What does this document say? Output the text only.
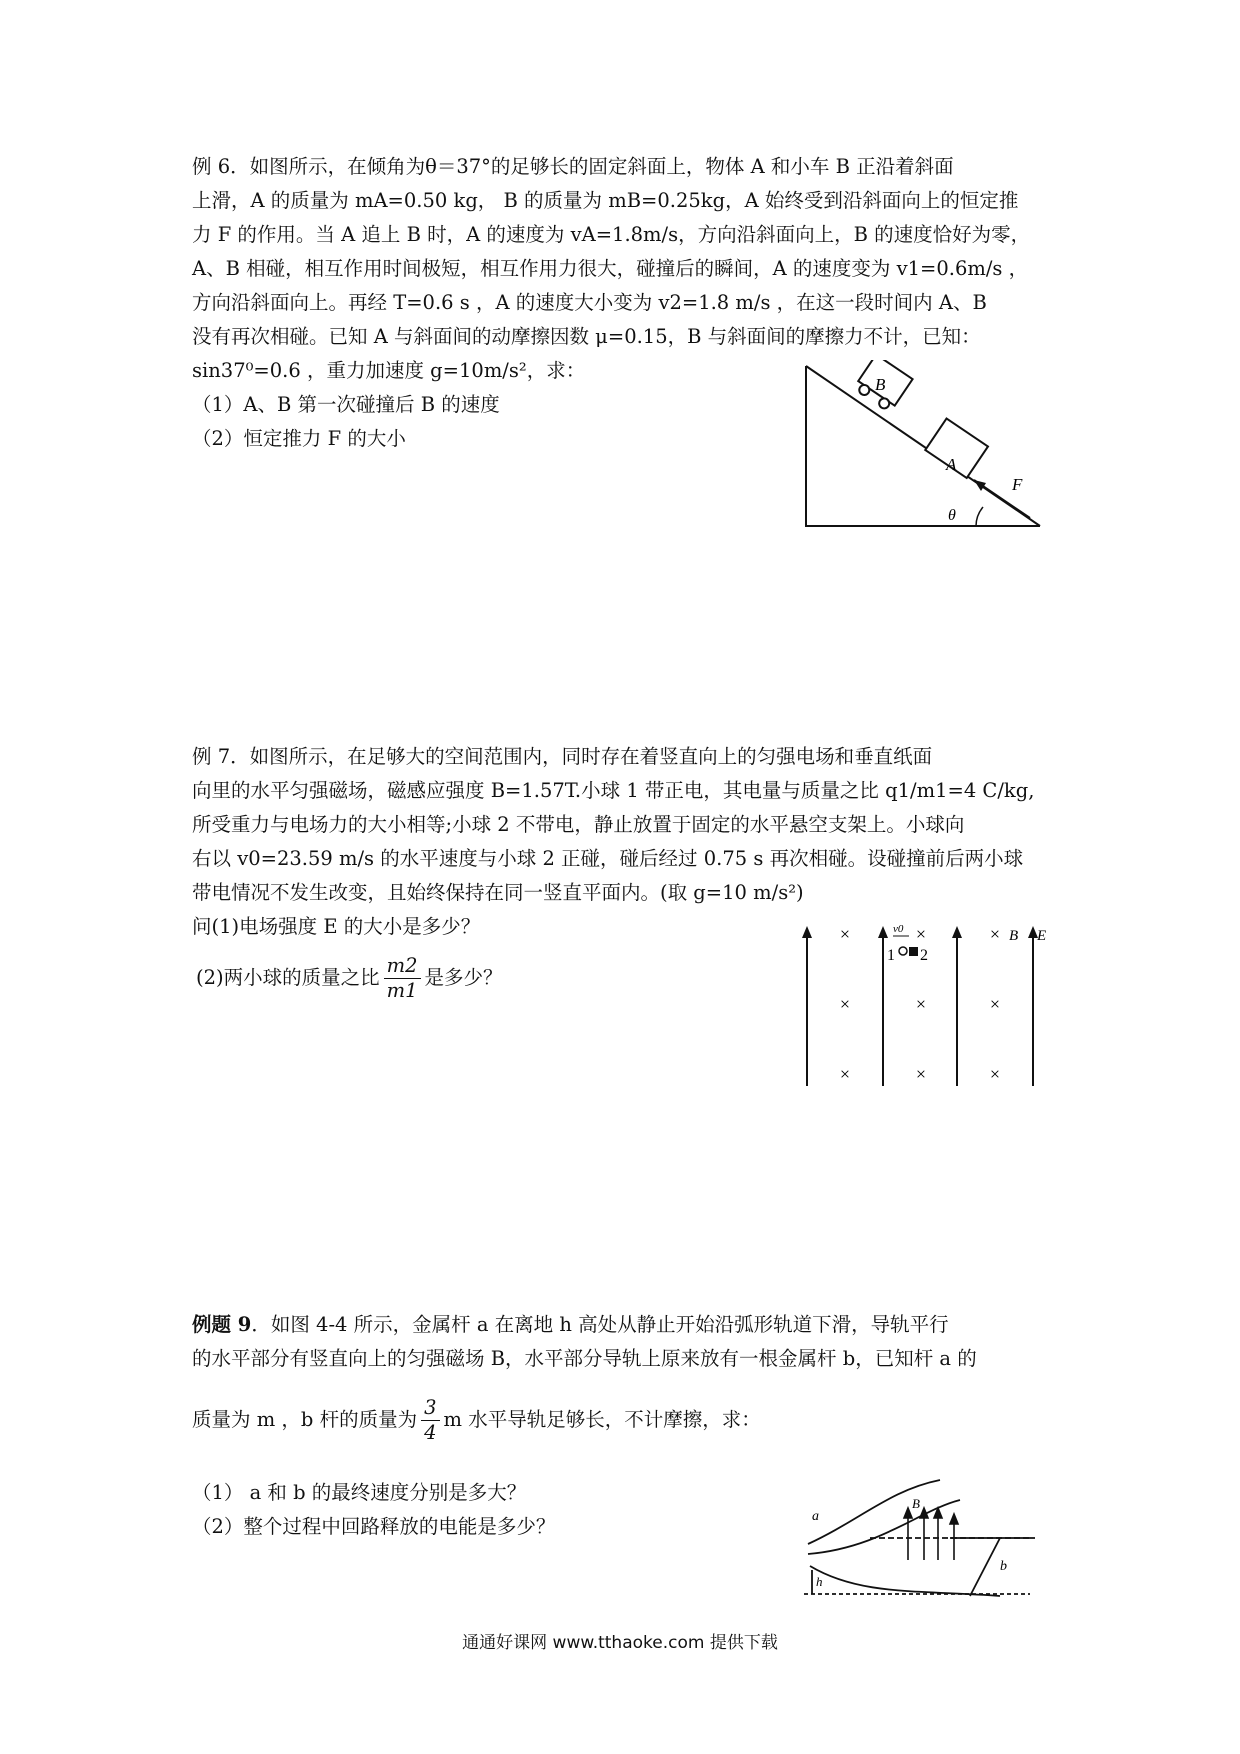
例 6．如图所示，在倾角为θ＝37°的足够长的固定斜面上，物体 A 和小车 B 正沿着斜面

上滑，A 的质量为 mA=0.50 kg， B 的质量为 mB=0.25kg，A 始终受到沿斜面向上的恒定推

力 F 的作用。当 A 追上 B 时，A 的速度为 vA=1.8m/s，方向沿斜面向上，B 的速度恰好为零，

A、B 相碰，相互作用时间极短，相互作用力很大，碰撞后的瞬间，A 的速度变为 v1=0.6m/s ，

方向沿斜面向上。再经 T=0.6 s ，A 的速度大小变为 v2=1.8 m/s ，在这一段时间内 A、B

没有再次相碰。已知 A 与斜面间的动摩擦因数 μ=0.15，B 与斜面间的摩擦力不计，已知：

sin37⁰=0.6 ，重力加速度 g=10m/s²，求：

（1）A、B 第一次碰撞后 B 的速度

（2）恒定推力 F 的大小

B
A
F
θ

例 7．如图所示，在足够大的空间范围内，同时存在着竖直向上的匀强电场和垂直纸面

向里的水平匀强磁场，磁感应强度 B=1.57T.小球 1 带正电，其电量与质量之比 q1/m1=4 C/kg,

所受重力与电场力的大小相等;小球 2 不带电，静止放置于固定的水平悬空支架上。小球向

右以 v0=23.59 m/s 的水平速度与小球 2 正碰，碰后经过 0.75 s 再次相碰。设碰撞前后两小球

带电情况不发生改变，且始终保持在同一竖直平面内。(取 g=10 m/s²)

问(1)电场强度 E 的大小是多少？

(2)两小球的质量之比 $\frac{m2}{m1}$ 是多少？

×	×	×
×	×	×
×	×	×
v0
1 2
B E

例题 9．如图 4-4 所示，金属杆 a 在离地 h 高处从静止开始沿弧形轨道下滑，导轨平行

的水平部分有竖直向上的匀强磁场 B，水平部分导轨上原来放有一根金属杆 b，已知杆 a 的

质量为 m ，b 杆的质量为 $\frac{3}{4}$ m 水平导轨足够长，不计摩擦，求：

（1） a 和 b 的最终速度分别是多大？

（2）整个过程中回路释放的电能是多少？	a
B
b
h
通通好课网 www.tthaoke.com 提供下载
